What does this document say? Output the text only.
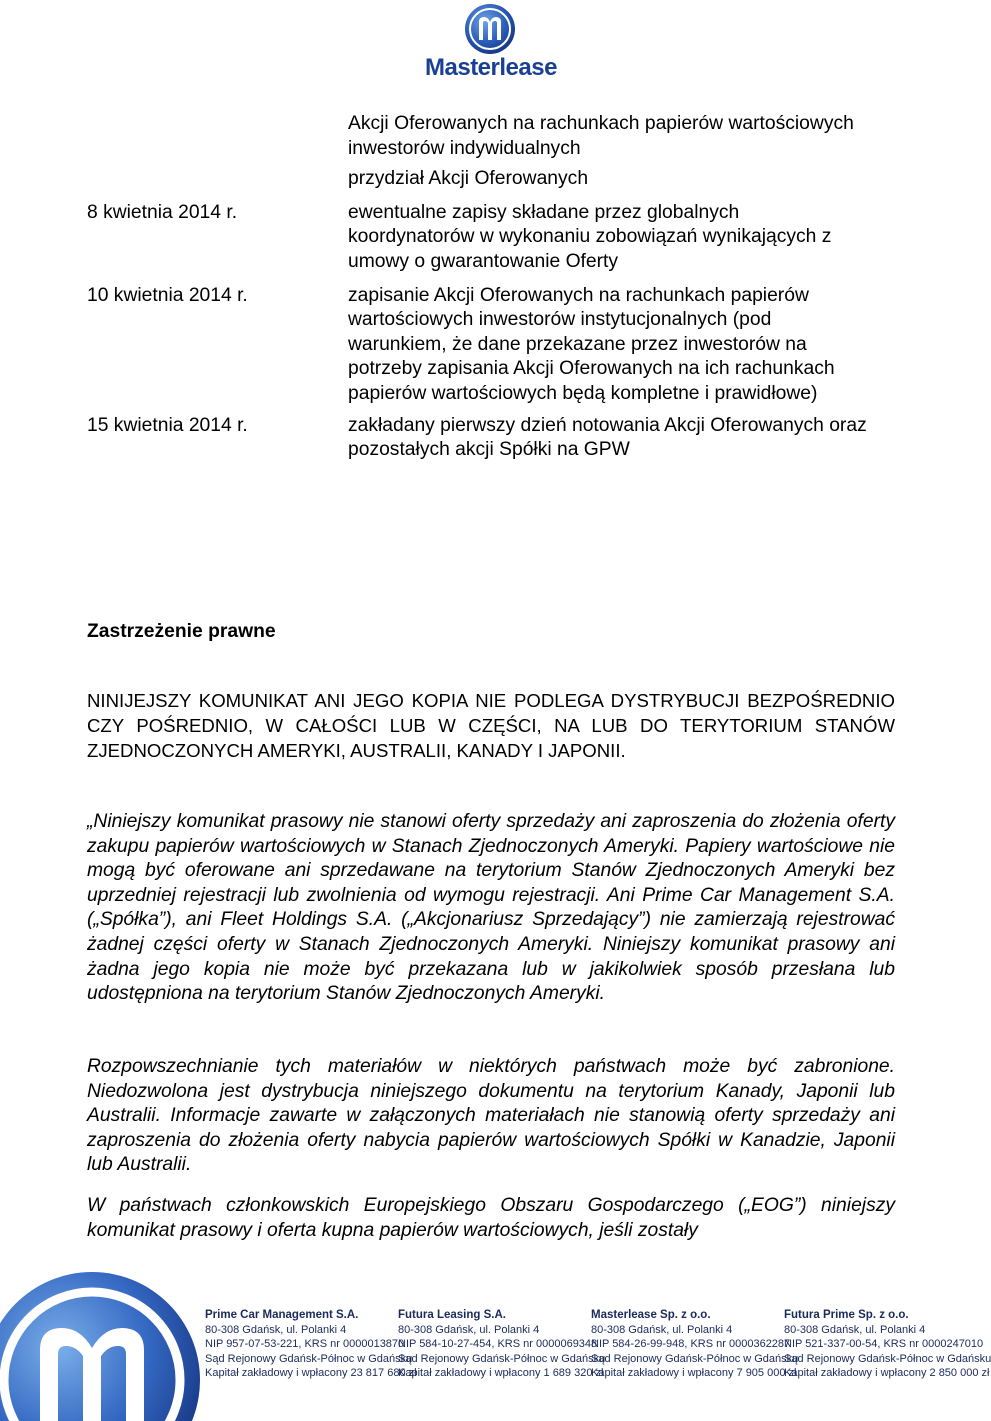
Masterlease
Akcji Oferowanych na rachunkach papierów wartościowych inwestorów indywidualnych
przydział Akcji Oferowanych
8 kwietnia 2014 r.	ewentualne zapisy składane przez globalnych koordynatorów w wykonaniu zobowiązań wynikających z umowy o gwarantowanie Oferty
10 kwietnia 2014 r.	zapisanie Akcji Oferowanych na rachunkach papierów wartościowych inwestorów instytucjonalnych (pod warunkiem, że dane przekazane przez inwestorów na potrzeby zapisania Akcji Oferowanych na ich rachunkach papierów wartościowych będą kompletne i prawidłowe)
15 kwietnia 2014 r.	zakładany pierwszy dzień notowania Akcji Oferowanych oraz pozostałych akcji Spółki na GPW
Zastrzeżenie prawne
NINIJEJSZY KOMUNIKAT ANI JEGO KOPIA NIE PODLEGA DYSTRYBUCJI BEZPOŚREDNIO CZY POŚREDNIO, W CAŁOŚCI LUB W CZĘŚCI, NA LUB DO TERYTORIUM STANÓW ZJEDNOCZONYCH AMERYKI, AUSTRALII, KANADY I JAPONII.
„Niniejszy komunikat prasowy nie stanowi oferty sprzedaży ani zaproszenia do złożenia oferty zakupu papierów wartościowych w Stanach Zjednoczonych Ameryki. Papiery wartościowe nie mogą być oferowane ani sprzedawane na terytorium Stanów Zjednoczonych Ameryki bez uprzedniej rejestracji lub zwolnienia od wymogu rejestracji. Ani Prime Car Management S.A. („Spółka”), ani Fleet Holdings S.A. („Akcjonariusz Sprzedający”) nie zamierzają rejestrować żadnej części oferty w Stanach Zjednoczonych Ameryki. Niniejszy komunikat prasowy ani żadna jego kopia nie może być przekazana lub w jakikolwiek sposób przesłana lub udostępniona na terytorium Stanów Zjednoczonych Ameryki.
Rozpowszechnianie tych materiałów w niektórych państwach może być zabronione. Niedozwolona jest dystrybucja niniejszego dokumentu na terytorium Kanady, Japonii lub Australii. Informacje zawarte w załączonych materiałach nie stanowią oferty sprzedaży ani zaproszenia do złożenia oferty nabycia papierów wartościowych Spółki w Kanadzie, Japonii lub Australii.
W państwach członkowskich Europejskiego Obszaru Gospodarczego („EOG”) niniejszy komunikat prasowy i oferta kupna papierów wartościowych, jeśli zostały
Prime Car Management S.A.
80-308 Gdańsk, ul. Polanki 4
NIP 957-07-53-221, KRS nr 0000013870
Sąd Rejonowy Gdańsk-Północ w Gdańsku
Kapitał zakładowy i wpłacony 23 817 680 zł
Futura Leasing S.A.
80-308 Gdańsk, ul. Polanki 4
NIP 584-10-27-454, KRS nr 0000069348
Sąd Rejonowy Gdańsk-Północ w Gdańsku
Kapitał zakładowy i wpłacony 1 689 320 zł
Masterlease Sp. z o.o.
80-308 Gdańsk, ul. Polanki 4
NIP 584-26-99-948, KRS nr 0000362287
Sąd Rejonowy Gdańsk-Północ w Gdańsku
Kapitał zakładowy i wpłacony 7 905 000 zł
Futura Prime Sp. z o.o.
80-308 Gdańsk, ul. Polanki 4
NIP 521-337-00-54, KRS nr 0000247010
Sąd Rejonowy Gdańsk-Północ w Gdańsku
Kapitał zakładowy i wpłacony 2 850 000 zł
